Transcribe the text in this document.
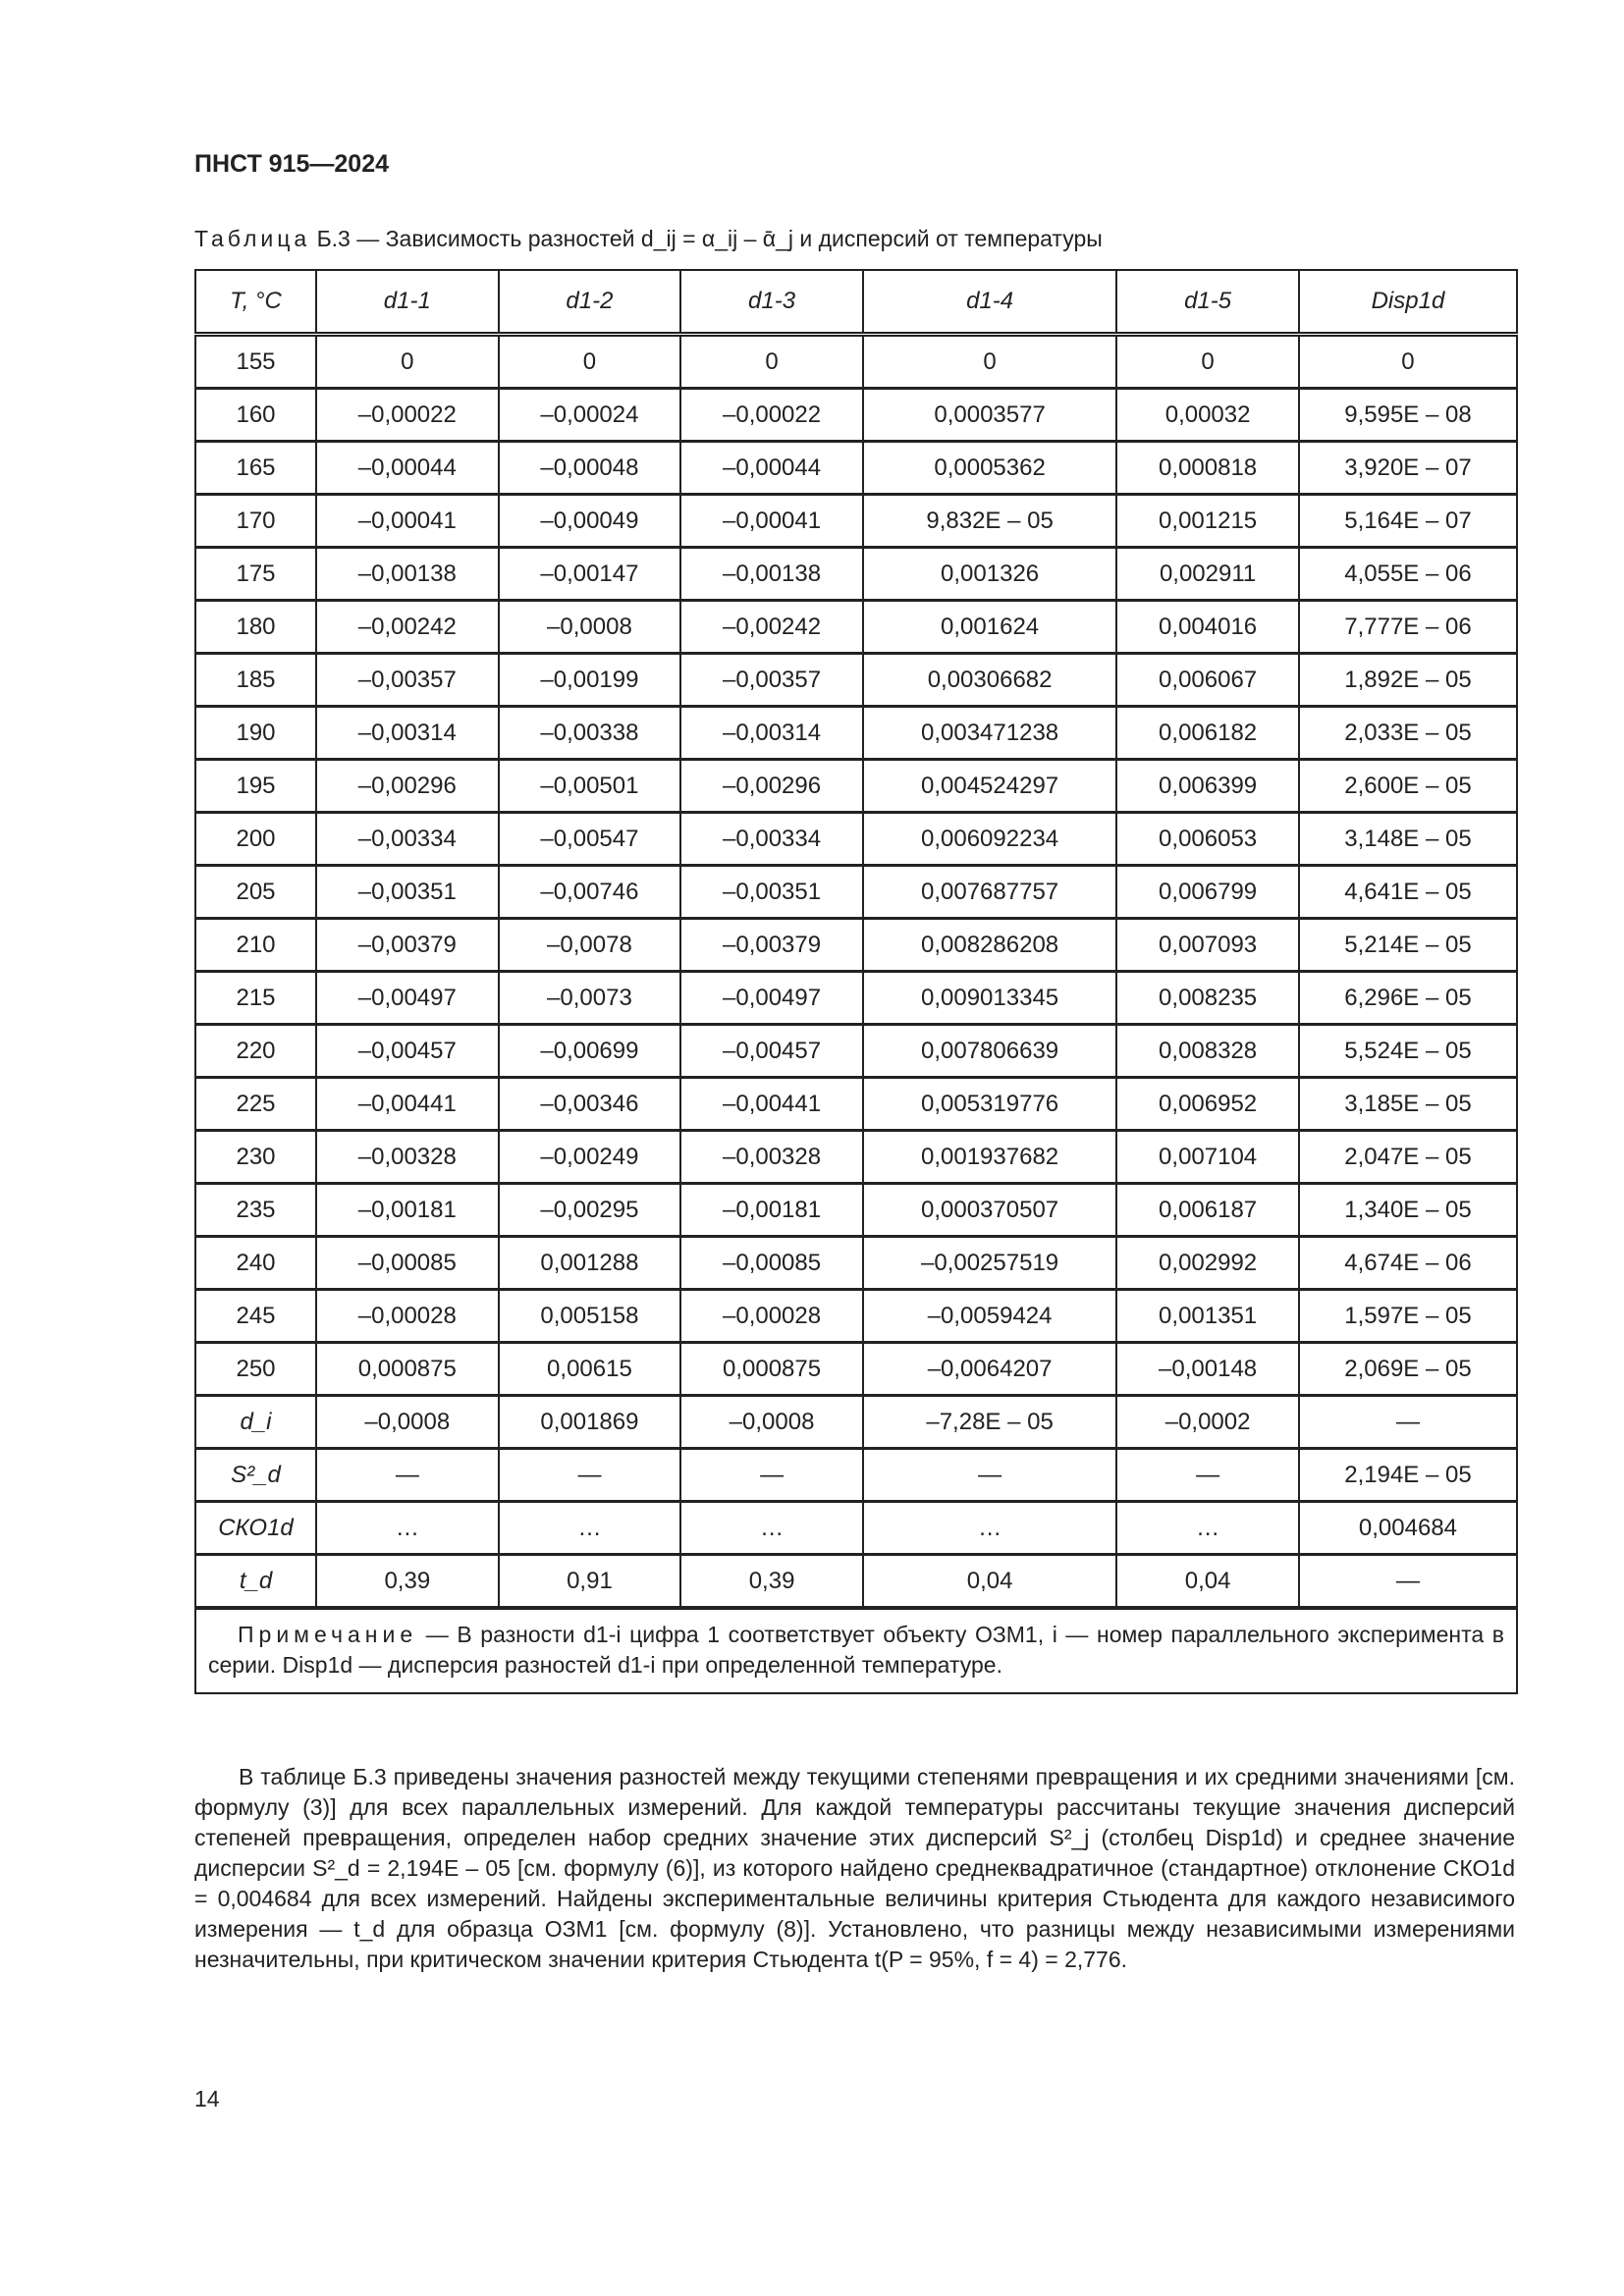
ПНСТ 915—2024
Таблица Б.3 — Зависимость разностей d_ij = α_ij – ᾱ_j и дисперсий от температуры
T, °C	d1-1	d1-2	d1-3	d1-4	d1-5	Disp1d
155	0	0	0	0	0	0
160	–0,00022	–0,00024	–0,00022	0,0003577	0,00032	9,595E – 08
165	–0,00044	–0,00048	–0,00044	0,0005362	0,000818	3,920E – 07
170	–0,00041	–0,00049	–0,00041	9,832E – 05	0,001215	5,164E – 07
175	–0,00138	–0,00147	–0,00138	0,001326	0,002911	4,055E – 06
180	–0,00242	–0,0008	–0,00242	0,001624	0,004016	7,777E – 06
185	–0,00357	–0,00199	–0,00357	0,00306682	0,006067	1,892E – 05
190	–0,00314	–0,00338	–0,00314	0,003471238	0,006182	2,033E – 05
195	–0,00296	–0,00501	–0,00296	0,004524297	0,006399	2,600E – 05
200	–0,00334	–0,00547	–0,00334	0,006092234	0,006053	3,148E – 05
205	–0,00351	–0,00746	–0,00351	0,007687757	0,006799	4,641E – 05
210	–0,00379	–0,0078	–0,00379	0,008286208	0,007093	5,214E – 05
215	–0,00497	–0,0073	–0,00497	0,009013345	0,008235	6,296E – 05
220	–0,00457	–0,00699	–0,00457	0,007806639	0,008328	5,524E – 05
225	–0,00441	–0,00346	–0,00441	0,005319776	0,006952	3,185E – 05
230	–0,00328	–0,00249	–0,00328	0,001937682	0,007104	2,047E – 05
235	–0,00181	–0,00295	–0,00181	0,000370507	0,006187	1,340E – 05
240	–0,00085	0,001288	–0,00085	–0,00257519	0,002992	4,674E – 06
245	–0,00028	0,005158	–0,00028	–0,0059424	0,001351	1,597E – 05
250	0,000875	0,00615	0,000875	–0,0064207	–0,00148	2,069E – 05
d_i	–0,0008	0,001869	–0,0008	–7,28E – 05	–0,0002	—
S²_d	—	—	—	—	—	2,194E – 05
СКО1d	…	…	…	…	…	0,004684
t_d	0,39	0,91	0,39	0,04	0,04	—
Примечание — В разности d1-i цифра 1 соответствует объекту ОЗМ1, i — номер параллельного эксперимента в серии. Disp1d — дисперсия разностей d1-i при определенной температуре.						

В таблице Б.3 приведены значения разностей между текущими степенями превращения и их средними значениями [см. формулу (3)] для всех параллельных измерений. Для каждой температуры рассчитаны текущие значения дисперсий степеней превращения, определен набор средних значение этих дисперсий S²_j (столбец Disp1d) и среднее значение дисперсии S²_d = 2,194E – 05 [см. формулу (6)], из которого найдено среднеквадратичное (стандартное) отклонение СКО1d = 0,004684 для всех измерений. Найдены экспериментальные величины критерия Стьюдента для каждого независимого измерения — t_d для образца ОЗМ1 [см. формулу (8)]. Установлено, что разницы между независимыми измерениями незначительны, при критическом значении критерия Стьюдента t(P = 95%, f = 4) = 2,776.

14
